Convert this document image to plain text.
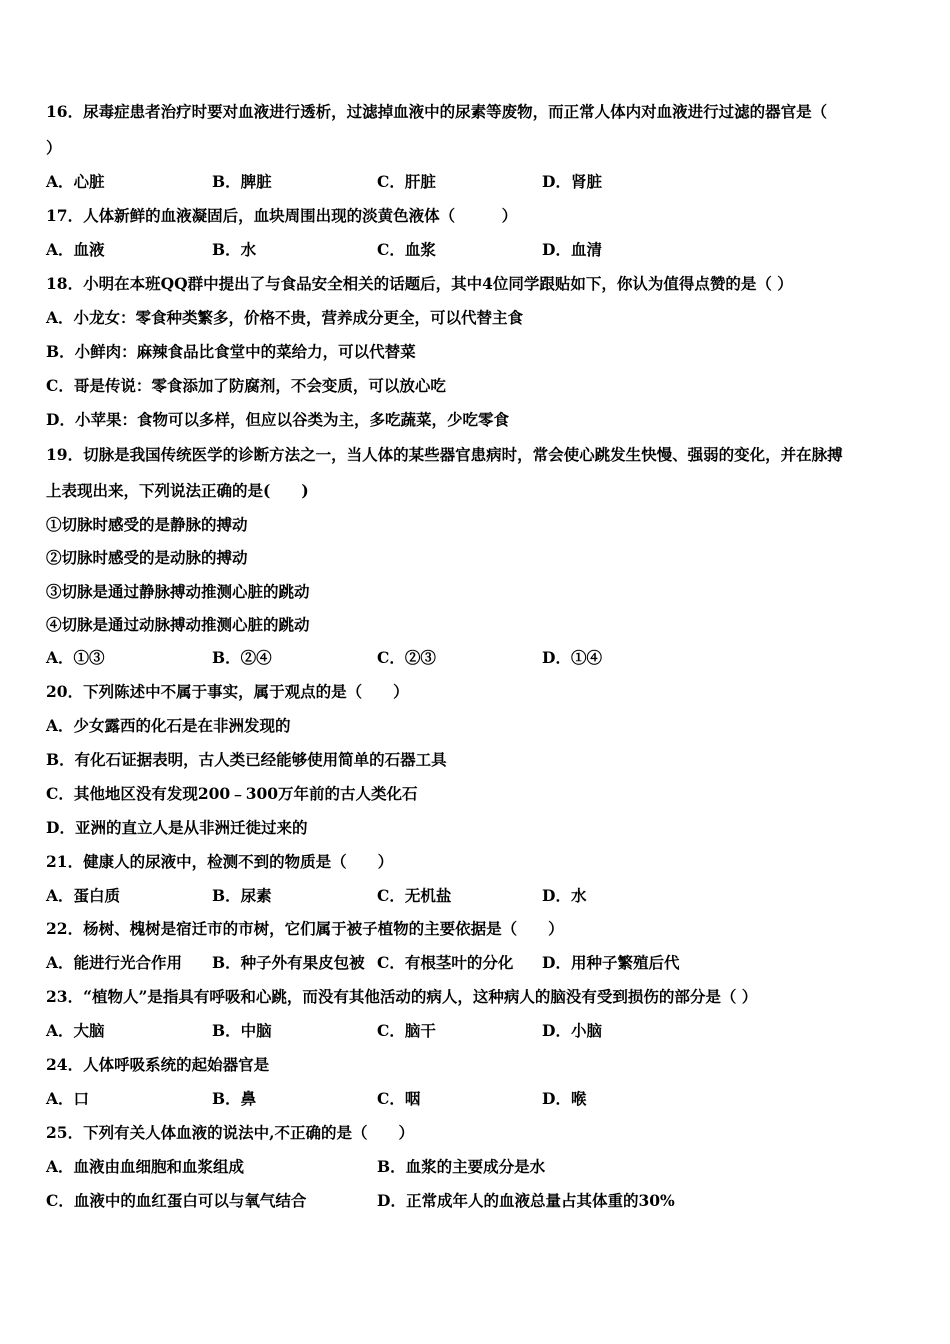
16．尿毒症患者治疗时要对血液进行透析，过滤掉血液中的尿素等废物，而正常人体内对血液进行过滤的器官是（
）
A．心脏	B．脾脏	C．肝脏	D．肾脏
17．人体新鲜的血液凝固后，血块周围出现的淡黄色液体（　　　）
A．血液	B．水	C．血浆	D．血清
18．小明在本班QQ群中提出了与食品安全相关的话题后，其中4位同学跟贴如下，你认为值得点赞的是（ ）
A．小龙女：零食种类繁多，价格不贵，营养成分更全，可以代替主食
B．小鲜肉：麻辣食品比食堂中的菜给力，可以代替菜
C．哥是传说：零食添加了防腐剂，不会变质，可以放心吃
D．小苹果：食物可以多样，但应以谷类为主，多吃蔬菜，少吃零食
19．切脉是我国传统医学的诊断方法之一，当人体的某些器官患病时，常会使心跳发生快慢、强弱的变化，并在脉搏
上表现出来，下列说法正确的是(　　)
①切脉时感受的是静脉的搏动
②切脉时感受的是动脉的搏动
③切脉是通过静脉搏动推测心脏的跳动
④切脉是通过动脉搏动推测心脏的跳动
A．①③	B．②④	C．②③	D．①④
20．下列陈述中不属于事实，属于观点的是（　　）
A．少女露西的化石是在非洲发现的
B．有化石证据表明，古人类已经能够使用简单的石器工具
C．其他地区没有发现200﹣300万年前的古人类化石
D．亚洲的直立人是从非洲迁徙过来的
21．健康人的尿液中，检测不到的物质是（　　）
A．蛋白质	B．尿素	C．无机盐	D．水
22．杨树、槐树是宿迁市的市树，它们属于被子植物的主要依据是（　　）
A．能进行光合作用 B．种子外有果皮包被 C．有根茎叶的分化 D．用种子繁殖后代
23．“植物人”是指具有呼吸和心跳，而没有其他活动的病人，这种病人的脑没有受到损伤的部分是（ ）
A．大脑	B．中脑	C．脑干	D．小脑
24．人体呼吸系统的起始器官是
A．口	B．鼻	C．咽	D．喉
25．下列有关人体血液的说法中,不正确的是（　　）
A．血液由血细胞和血浆组成	B．血浆的主要成分是水
C．血液中的血红蛋白可以与氧气结合	D．正常成年人的血液总量占其体重的30%
